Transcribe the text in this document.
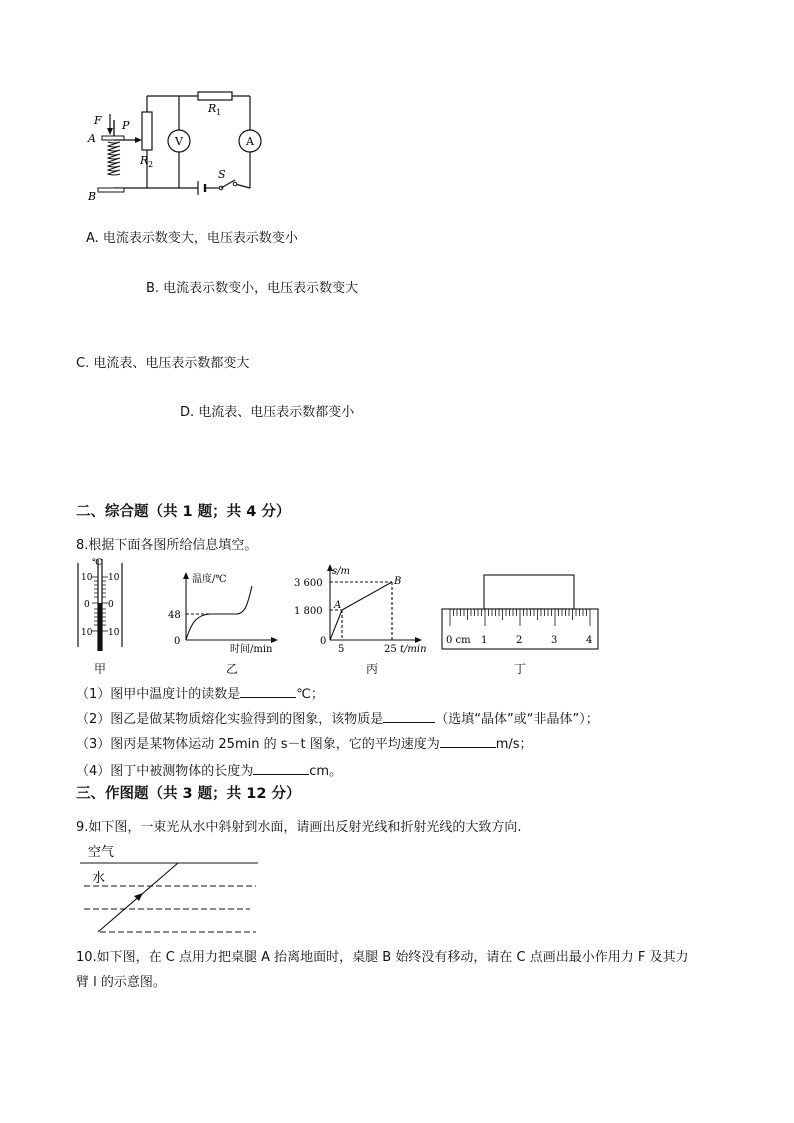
F
A
P
B
R 1
R 2
V	A
S
A. 电流表示数变大，电压表示数变小
B. 电流表示数变小，电压表示数变大
C. 电流表、电压表示数都变大
D. 电流表、电压表示数都变小
二、综合题（共 1 题；共 4 分）
8.根据下面各图所给信息填空。
℃
10
0
10
10
0
10
甲
温度/℃
48
0
时间/min
乙
s/m
3 600
1 800
0
5	25 t/min
A
B
丙
0 cm 1	2	3	4
丁
（1）图甲中温度计的读数是	℃；
（2）图乙是做某物质熔化实验得到的图象，该物质是	（选填“晶体”或“非晶体”）；
（3）图丙是某物体运动 25min 的 s－t 图象，它的平均速度为	m/s；
（4）图丁中被测物体的长度为	cm。
三、作图题（共 3 题；共 12 分）
9.如下图，一束光从水中斜射到水面，请画出反射光线和折射光线的大致方向.
空气
水
10.如下图，在 C 点用力把桌腿 A 抬离地面时，桌腿 B 始终没有移动，请在 C 点画出最小作用力 F 及其力
臂 l 的示意图。
